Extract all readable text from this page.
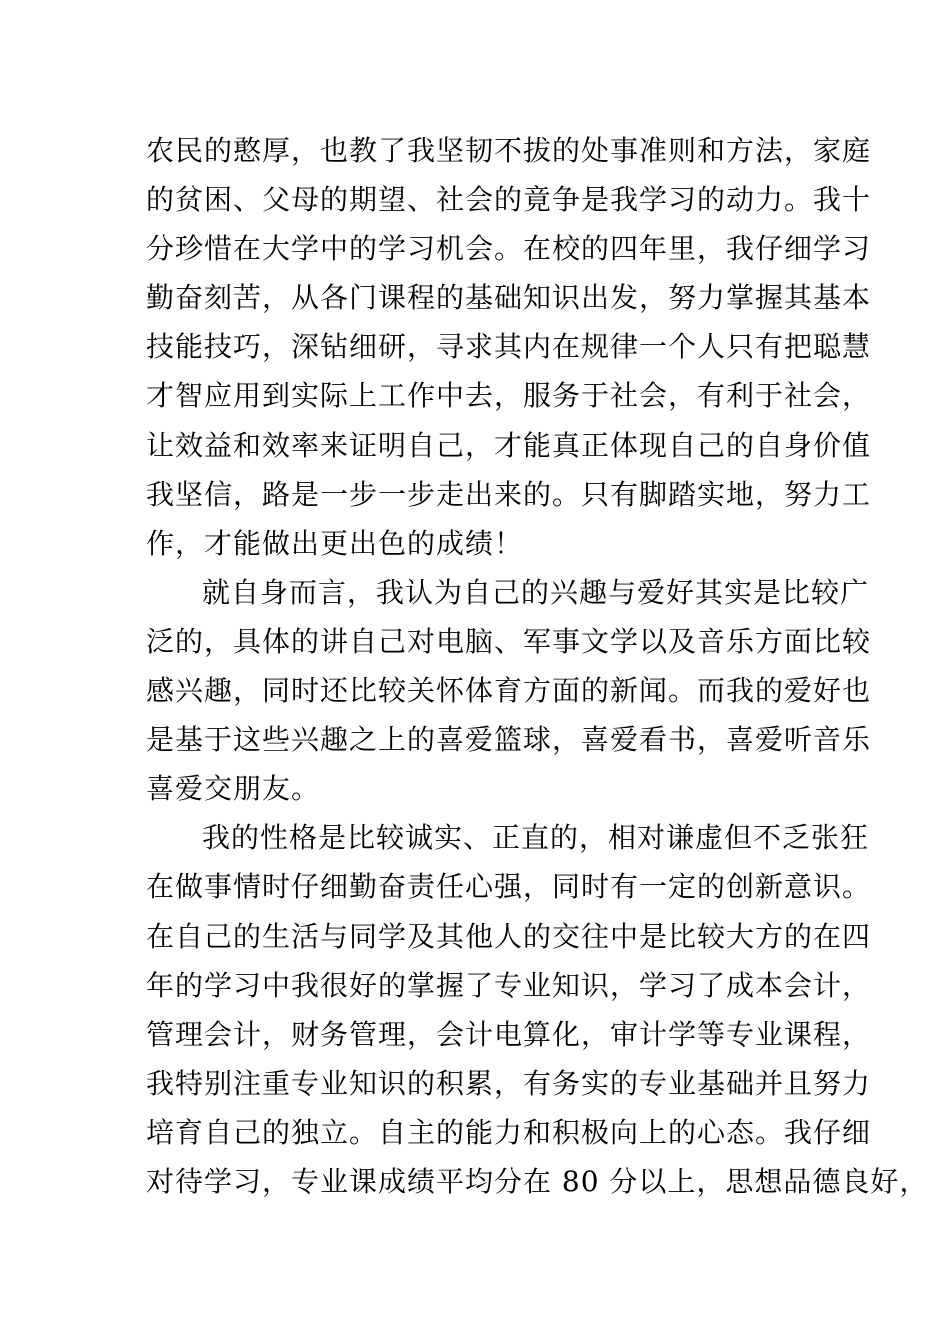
农民的憨厚，也教了我坚韧不拔的处事准则和方法，家庭
的贫困、父母的期望、社会的竟争是我学习的动力。我十
分珍惜在大学中的学习机会。在校的四年里，我仔细学习
勤奋刻苦，从各门课程的基础知识出发，努力掌握其基本
技能技巧，深钻细研，寻求其内在规律一个人只有把聪慧
才智应用到实际上工作中去，服务于社会，有利于社会，
让效益和效率来证明自己，才能真正体现自己的自身价值
我坚信，路是一步一步走出来的。只有脚踏实地，努力工
作，才能做出更出色的成绩！
就自身而言，我认为自己的兴趣与爱好其实是比较广
泛的，具体的讲自己对电脑、军事文学以及音乐方面比较
感兴趣，同时还比较关怀体育方面的新闻。而我的爱好也
是基于这些兴趣之上的喜爱篮球，喜爱看书，喜爱听音乐
喜爱交朋友。
我的性格是比较诚实、正直的，相对谦虚但不乏张狂
在做事情时仔细勤奋责任心强，同时有一定的创新意识。
在自己的生活与同学及其他人的交往中是比较大方的在四
年的学习中我很好的掌握了专业知识，学习了成本会计，
管理会计，财务管理，会计电算化，审计学等专业课程，
我特别注重专业知识的积累，有务实的专业基础并且努力
培育自己的独立。自主的能力和积极向上的心态。我仔细
对待学习，专业课成绩平均分在 80 分以上，思想品德良好，
